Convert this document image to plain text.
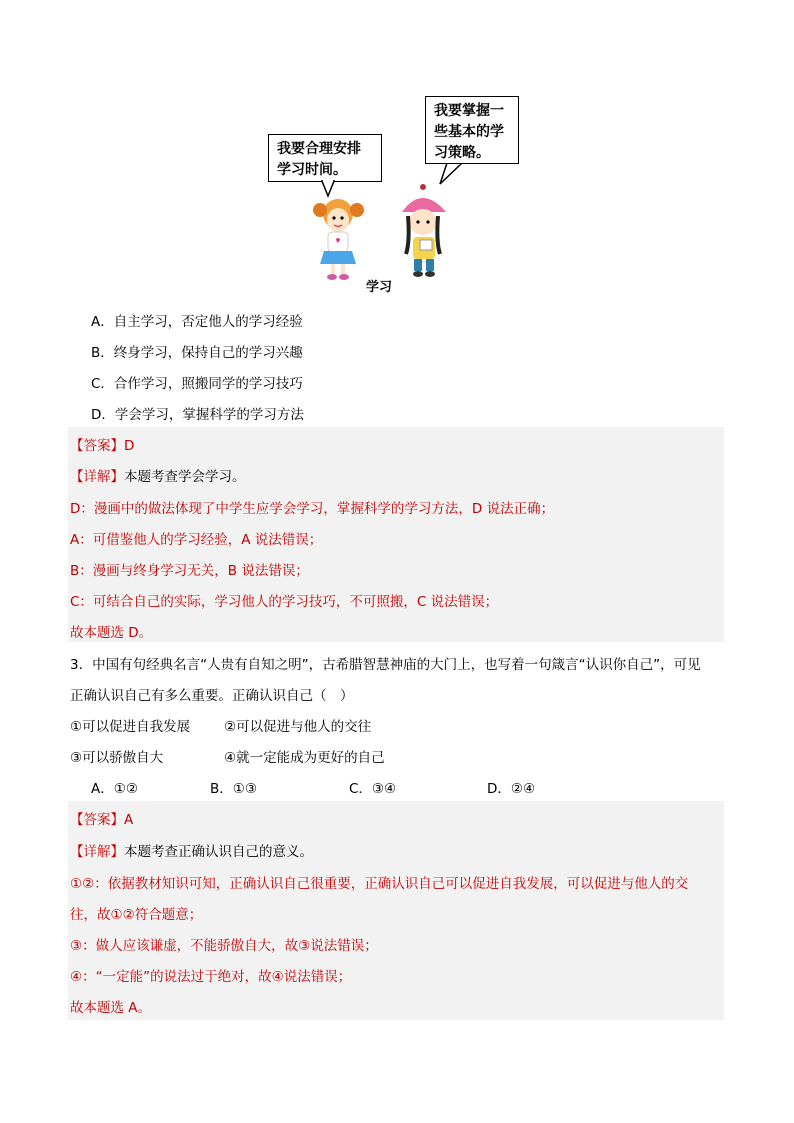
我要合理安排
学习时间。
我要掌握一
些基本的学
习策略。
学习
A．自主学习，否定他人的学习经验
B．终身学习，保持自己的学习兴趣
C．合作学习，照搬同学的学习技巧
D．学会学习，掌握科学的学习方法
【答案】D
【详解】本题考查学会学习。
D：漫画中的做法体现了中学生应学会学习，掌握科学的学习方法，D 说法正确；
A：可借鉴他人的学习经验，A 说法错误；
B：漫画与终身学习无关，B 说法错误；
C：可结合自己的实际，学习他人的学习技巧，不可照搬，C 说法错误；
故本题选 D。
3．中国有句经典名言“人贵有自知之明”，古希腊智慧神庙的大门上，也写着一句箴言“认识你自己”，可见
正确认识自己有多么重要。正确认识自己（　）
①可以促进自我发展	②可以促进与他人的交往
③可以骄傲自大	④就一定能成为更好的自己
A．①②	B．①③	C．③④	D．②④
【答案】A
【详解】本题考查正确认识自己的意义。
①②：依据教材知识可知，正确认识自己很重要，正确认识自己可以促进自我发展，可以促进与他人的交
往，故①②符合题意；
③：做人应该谦虚，不能骄傲自大，故③说法错误；
④：“一定能”的说法过于绝对，故④说法错误；
故本题选 A。
